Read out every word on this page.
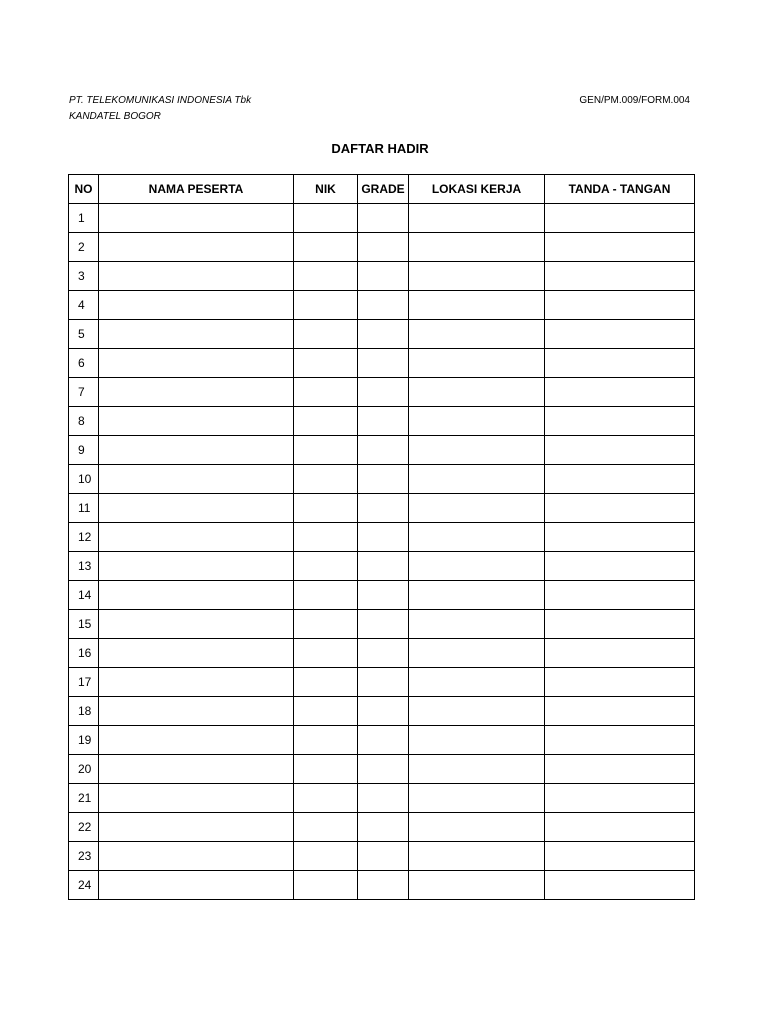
PT. TELEKOMUNIKASI INDONESIA Tbk
KANDATEL BOGOR
GEN/PM.009/FORM.004
DAFTAR HADIR
NO	NAMA PESERTA	NIK	GRADE	LOKASI KERJA	TANDA - TANGAN
1					
2					
3					
4					
5					
6					
7					
8					
9					
10					
11					
12					
13					
14					
15					
16					
17					
18					
19					
20					
21					
22					
23					
24					
